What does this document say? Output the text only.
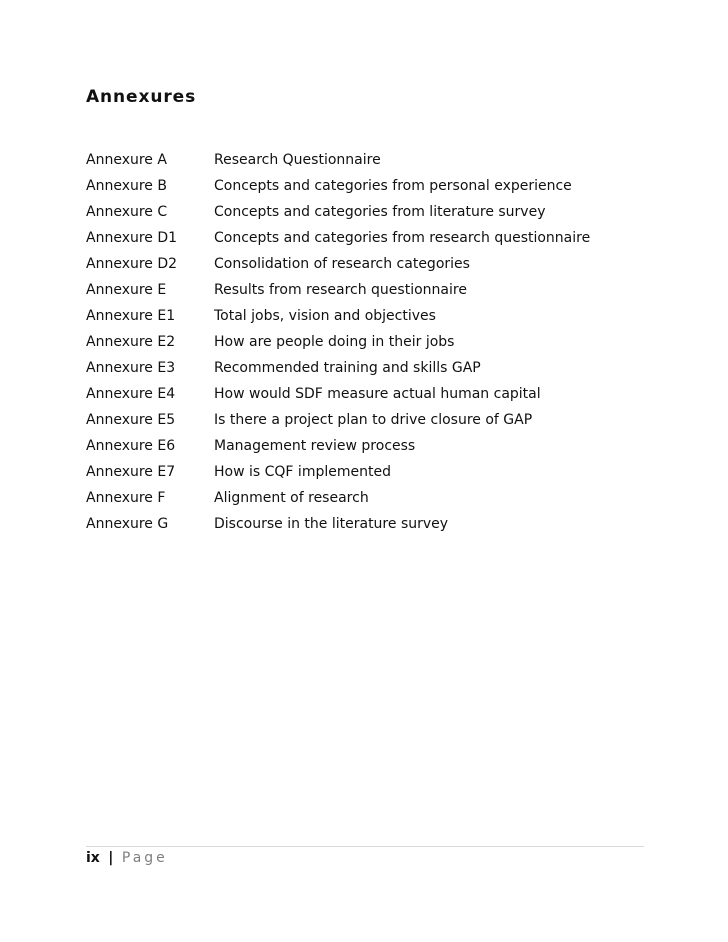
Annexures
Annexure A	Research Questionnaire
Annexure B	Concepts and categories from personal experience
Annexure C	Concepts and categories from literature survey
Annexure D1	Concepts and categories from research questionnaire
Annexure D2	Consolidation of research categories
Annexure E	Results from research questionnaire
Annexure E1	Total jobs, vision and objectives
Annexure E2	How are people doing in their jobs
Annexure E3	Recommended training and skills GAP
Annexure E4	How would SDF measure actual human capital
Annexure E5	Is there a project plan to drive closure of GAP
Annexure E6	Management review process
Annexure E7	How is CQF implemented
Annexure F	Alignment of research
Annexure G	Discourse in the literature survey
ix | Page
